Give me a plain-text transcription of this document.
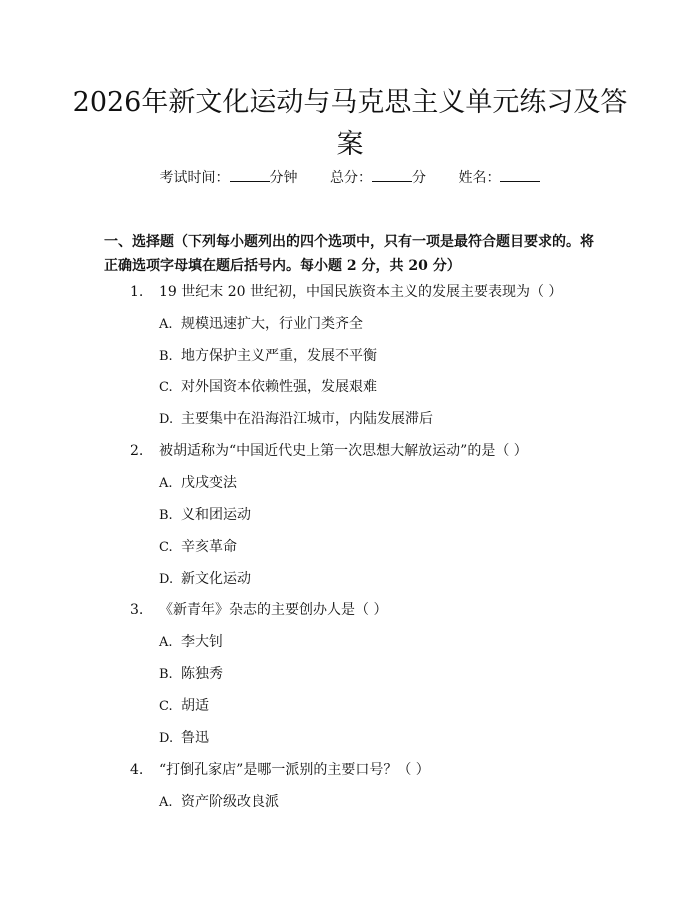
2026年新文化运动与马克思主义单元练习及答案
考试时间：	分钟 总分：	分 姓名：

一、选择题（下列每小题列出的四个选项中，只有一项是最符合题目要求的。将正确选项字母填在题后括号内。每小题 2 分，共 20 分）

1. 19 世纪末 20 世纪初，中国民族资本主义的发展主要表现为（ ）
A. 规模迅速扩大，行业门类齐全
B. 地方保护主义严重，发展不平衡
C. 对外国资本依赖性强，发展艰难
D. 主要集中在沿海沿江城市，内陆发展滞后
2. 被胡适称为“中国近代史上第一次思想大解放运动”的是（ ）
A. 戊戌变法
B. 义和团运动
C. 辛亥革命
D. 新文化运动
3. 《新青年》杂志的主要创办人是（ ）
A. 李大钊
B. 陈独秀
C. 胡适
D. 鲁迅
4. “打倒孔家店”是哪一派别的主要口号？（ ）
A. 资产阶级改良派
